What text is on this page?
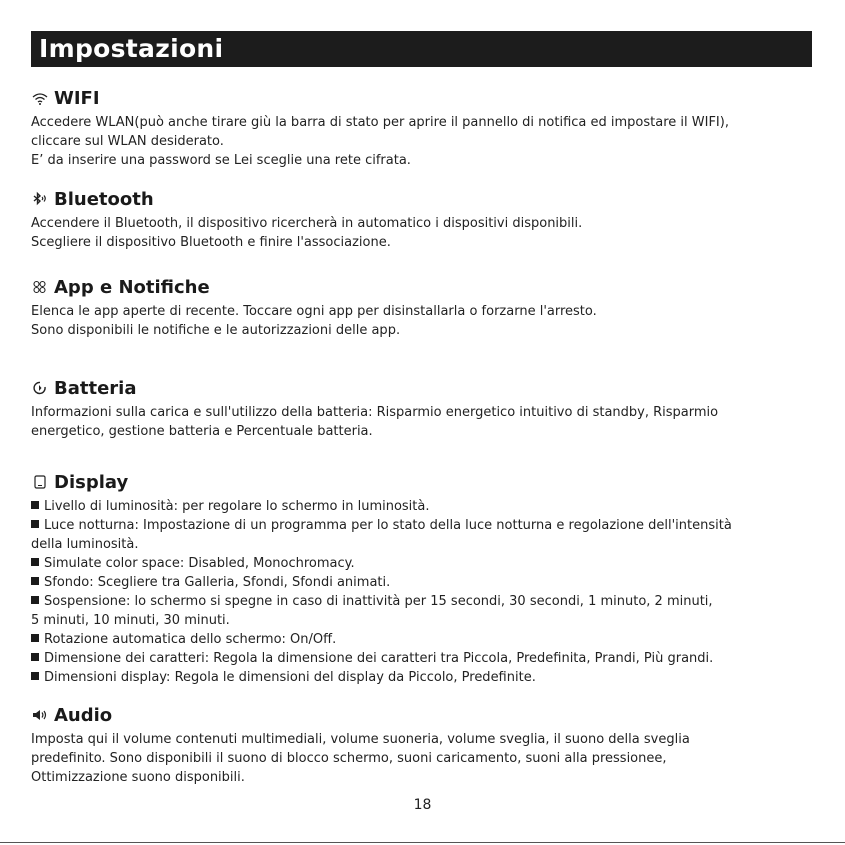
Impostazioni
WIFI

Accedere WLAN(può anche tirare giù la barra di stato per aprire il pannello di notifica ed impostare il WIFI),

cliccare sul WLAN desiderato.

E’ da inserire una password se Lei sceglie una rete cifrata.

Bluetooth

Accendere il Bluetooth, il dispositivo ricercherà in automatico i dispositivi disponibili.

Scegliere il dispositivo Bluetooth e finire l'associazione.

App e Notifiche

Elenca le app aperte di recente. Toccare ogni app per disinstallarla o forzarne l'arresto.

Sono disponibili le notifiche e le autorizzazioni delle app.

Batteria

Informazioni sulla carica e sull'utilizzo della batteria: Risparmio energetico intuitivo di standby, Risparmio

energetico, gestione batteria e Percentuale batteria.

Display

Livello di luminosità: per regolare lo schermo in luminosità.

Luce notturna: Impostazione di un programma per lo stato della luce notturna e regolazione dell'intensità

della luminosità.

Simulate color space: Disabled, Monochromacy.

Sfondo: Scegliere tra Galleria, Sfondi, Sfondi animati.

Sospensione: lo schermo si spegne in caso di inattività per 15 secondi, 30 secondi, 1 minuto, 2 minuti,

5 minuti, 10 minuti, 30 minuti.

Rotazione automatica dello schermo: On/Off.

Dimensione dei caratteri: Regola la dimensione dei caratteri tra Piccola, Predefinita, Prandi, Più grandi.

Dimensioni display: Regola le dimensioni del display da Piccolo, Predefinite.

Audio

Imposta qui il volume contenuti multimediali, volume suoneria, volume sveglia, il suono della sveglia

predefinito. Sono disponibili il suono di blocco schermo, suoni caricamento, suoni alla pressionee,

Ottimizzazione suono disponibili.

18
